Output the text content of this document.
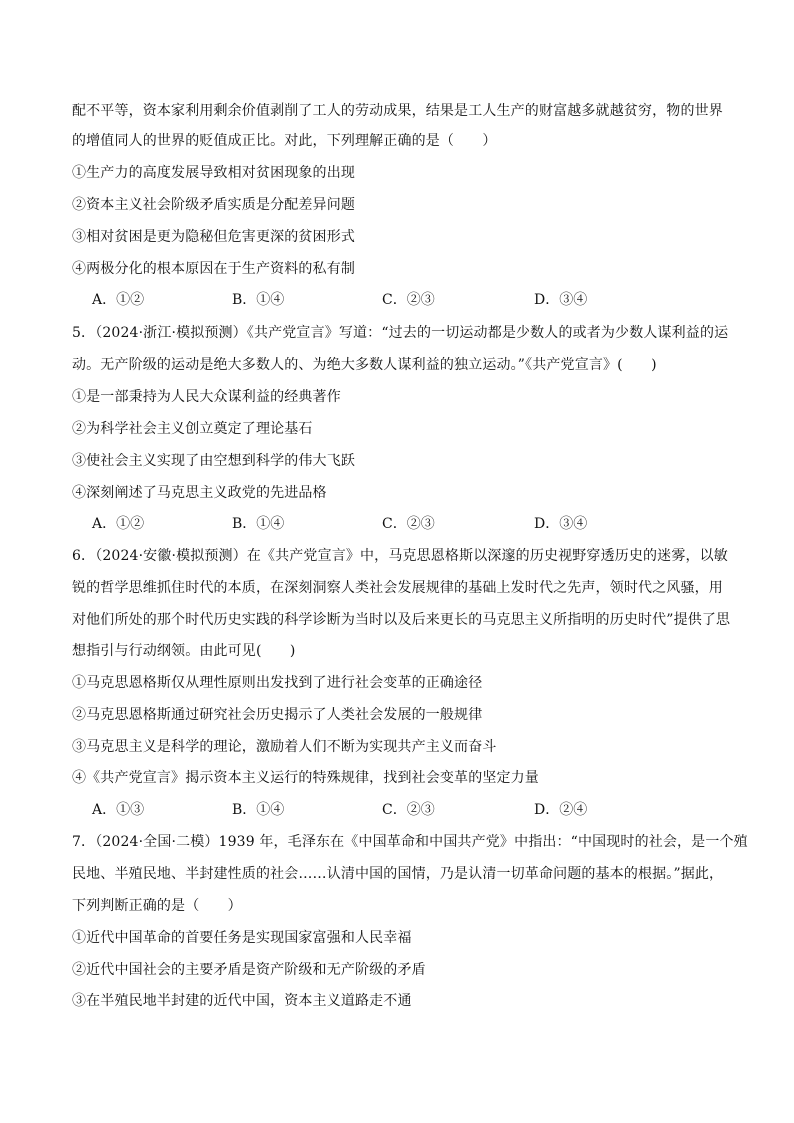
配不平等，资本家利用剩余价值剥削了工人的劳动成果，结果是工人生产的财富越多就越贫穷，物的世界
的增值同人的世界的贬值成正比。对此，下列理解正确的是（　　）
①生产力的高度发展导致相对贫困现象的出现
②资本主义社会阶级矛盾实质是分配差异问题
③相对贫困是更为隐秘但危害更深的贫困形式
④两极分化的根本原因在于生产资料的私有制
A．①②	B．①④	C．②③	D．③④
5．（2024·浙江·模拟预测）《共产党宣言》写道：“过去的一切运动都是少数人的或者为少数人谋利益的运
动。无产阶级的运动是绝大多数人的、为绝大多数人谋利益的独立运动。”《共产党宣言》(　　)
①是一部秉持为人民大众谋利益的经典著作
②为科学社会主义创立奠定了理论基石
③使社会主义实现了由空想到科学的伟大飞跃
④深刻阐述了马克思主义政党的先进品格
A．①②	B．①④	C．②③	D．③④
6．（2024·安徽·模拟预测）在《共产党宣言》中，马克思恩格斯以深邃的历史视野穿透历史的迷雾，以敏
锐的哲学思维抓住时代的本质，在深刻洞察人类社会发展规律的基础上发时代之先声，领时代之风骚，用
对他们所处的那个时代历史实践的科学诊断为当时以及后来更长的马克思主义所指明的历史时代”提供了思
想指引与行动纲领。由此可见(　　)
①马克思恩格斯仅从理性原则出发找到了进行社会变革的正确途径
②马克思恩格斯通过研究社会历史揭示了人类社会发展的一般规律
③马克思主义是科学的理论，激励着人们不断为实现共产主义而奋斗
④《共产党宣言》揭示资本主义运行的特殊规律，找到社会变革的坚定力量
A．①③	B．①④	C．②③	D．②④
7．（2024·全国·二模）1939 年，毛泽东在《中国革命和中国共产党》中指出：“中国现时的社会，是一个殖
民地、半殖民地、半封建性质的社会……认清中国的国情，乃是认清一切革命问题的基本的根据。”据此，
下列判断正确的是（　　）
①近代中国革命的首要任务是实现国家富强和人民幸福
②近代中国社会的主要矛盾是资产阶级和无产阶级的矛盾
③在半殖民地半封建的近代中国，资本主义道路走不通
